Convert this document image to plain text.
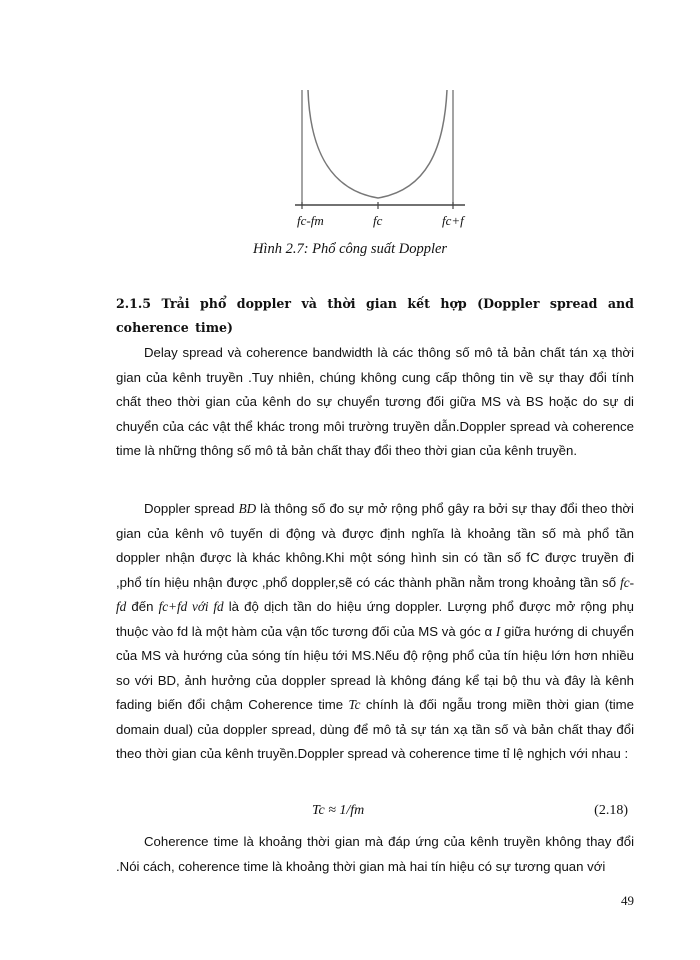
fc-fm	fc	fc+f
Hình 2.7: Phổ công suất Doppler
2.1.5 Trải phổ doppler và thời gian kết hợp (Doppler spread and coherence time)

Delay spread và coherence bandwidth là các thông số mô tả bản chất tán xạ thời gian của kênh truyền .Tuy nhiên, chúng không cung cấp thông tin về sự thay đổi tính chất theo thời gian của kênh do sự chuyển tương đối giữa MS và BS hoặc do sự di chuyển của các vật thể khác trong môi trường truyền dẫn.Doppler spread và coherence time là những thông số mô tả bản chất thay đổi theo thời gian của kênh truyền.

Doppler spread BD là thông số đo sự mở rộng phổ gây ra bởi sự thay đổi theo thời gian của kênh vô tuyến di động và được định nghĩa là khoảng tần số mà phổ tần doppler nhận được là khác không.Khi một sóng hình sin có tần số fC được truyền đi ,phổ tín hiệu nhận được ,phổ doppler,sẽ có các thành phần nằm trong khoảng tần số fc-fd đến fc+fd với fd là độ dịch tần do hiệu ứng doppler. Lượng phổ được mở rộng phụ thuộc vào fd là một hàm của vận tốc tương đối của MS và góc α I giữa hướng di chuyển của MS và hướng của sóng tín hiệu tới MS.Nếu độ rộng phổ của tín hiệu lớn hơn nhiều so với BD, ảnh hưởng của doppler spread là không đáng kể tại bộ thu và đây là kênh fading biến đổi chậm Coherence time Tc chính là đối ngẫu trong miền thời gian (time domain dual) của doppler spread, dùng để mô tả sự tán xạ tần số và bản chất thay đổi theo thời gian của kênh truyền.Doppler spread và coherence time tỉ lệ nghịch với nhau :

Tc ≈ 1/fm	(2.18)

Coherence time là khoảng thời gian mà đáp ứng của kênh truyền không thay đổi .Nói cách, coherence time là khoảng thời gian mà hai tín hiệu có sự tương quan với

49
